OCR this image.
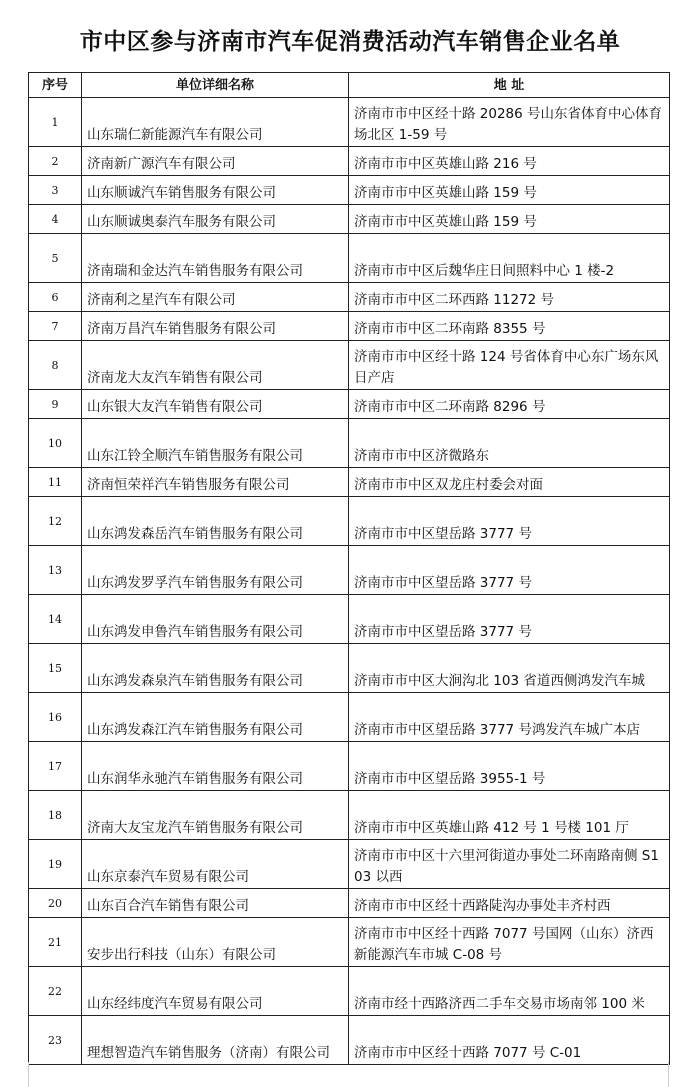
市中区参与济南市汽车促消费活动汽车销售企业名单
序号	单位详细名称	地 址
1	山东瑞仁新能源汽车有限公司	济南市市中区经十路 20286 号山东省体育中心体育场北区 1-59 号
2	济南新广源汽车有限公司	济南市市中区英雄山路 216 号
3	山东顺诚汽车销售服务有限公司	济南市市中区英雄山路 159 号
4	山东顺诚奥泰汽车服务有限公司	济南市市中区英雄山路 159 号
5	济南瑞和金达汽车销售服务有限公司	济南市市中区后魏华庄日间照料中心 1 楼-2
6	济南利之星汽车有限公司	济南市市中区二环西路 11272 号
7	济南万昌汽车销售服务有限公司	济南市市中区二环南路 8355 号
8	济南龙大友汽车销售有限公司	济南市市中区经十路 124 号省体育中心东广场东风日产店
9	山东银大友汽车销售有限公司	济南市市中区二环南路 8296 号
10	山东江铃全顺汽车销售服务有限公司	济南市市中区济微路东
11	济南恒荣祥汽车销售服务有限公司	济南市市中区双龙庄村委会对面
12	山东鸿发森岳汽车销售服务有限公司	济南市市中区望岳路 3777 号
13	山东鸿发罗孚汽车销售服务有限公司	济南市市中区望岳路 3777 号
14	山东鸿发申鲁汽车销售服务有限公司	济南市市中区望岳路 3777 号
15	山东鸿发森泉汽车销售服务有限公司	济南市市中区大涧沟北 103 省道西侧鸿发汽车城
16	山东鸿发森江汽车销售服务有限公司	济南市市中区望岳路 3777 号鸿发汽车城广本店
17	山东润华永驰汽车销售服务有限公司	济南市市中区望岳路 3955-1 号
18	济南大友宝龙汽车销售服务有限公司	济南市市中区英雄山路 412 号 1 号楼 101 厅
19	山东京泰汽车贸易有限公司	济南市市中区十六里河街道办事处二环南路南侧 S103 以西
20	山东百合汽车销售有限公司	济南市市中区经十西路陡沟办事处丰齐村西
21	安步出行科技（山东）有限公司	济南市市中区经十西路 7077 号国网（山东）济西新能源汽车市城 C-08 号
22	山东经纬度汽车贸易有限公司	济南市经十西路济西二手车交易市场南邻 100 米
23	理想智造汽车销售服务（济南）有限公司	济南市市中区经十西路 7077 号 C-01
